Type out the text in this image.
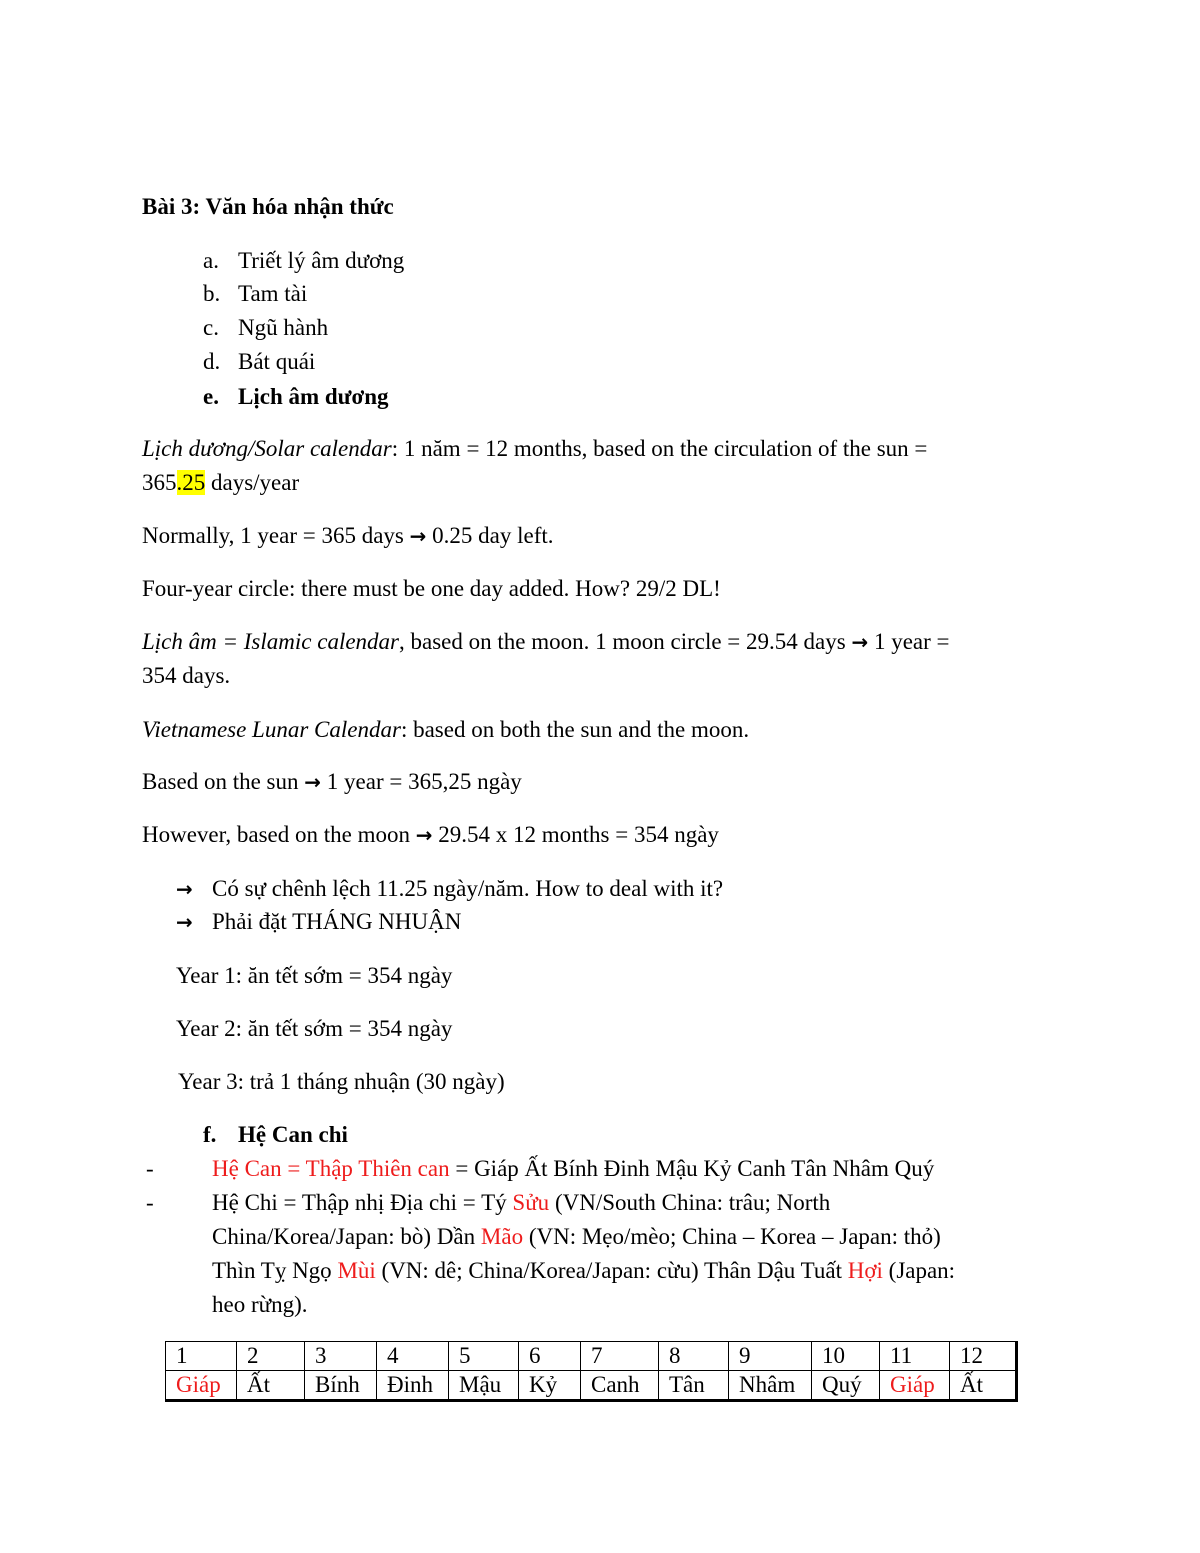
Bài 3: Văn hóa nhận thức
a. Triết lý âm dương
b. Tam tài
c. Ngũ hành
d. Bát quái
e. Lịch âm dương
Lịch dương/Solar calendar: 1 năm = 12 months, based on the circulation of the sun =
365.25 days/year
Normally, 1 year = 365 days → 0.25 day left.
Four-year circle: there must be one day added. How? 29/2 DL!
Lịch âm = Islamic calendar, based on the moon. 1 moon circle = 29.54 days → 1 year =
354 days.
Vietnamese Lunar Calendar: based on both the sun and the moon.
Based on the sun → 1 year = 365,25 ngày
However, based on the moon → 29.54 x 12 months = 354 ngày
→ Có sự chênh lệch 11.25 ngày/năm. How to deal with it?
→ Phải đặt THÁNG NHUẬN
Year 1: ăn tết sớm = 354 ngày
Year 2: ăn tết sớm = 354 ngày
Year 3: trả 1 tháng nhuận (30 ngày)
f. Hệ Can chi
-	Hệ Can = Thập Thiên can = Giáp Ất Bính Đinh Mậu Kỷ Canh Tân Nhâm Quý
-	Hệ Chi = Thập nhị Địa chi = Tý Sửu (VN/South China: trâu; North
China/Korea/Japan: bò) Dần Mão (VN: Mẹo/mèo; China – Korea – Japan: thỏ)
Thìn Tỵ Ngọ Mùi (VN: dê; China/Korea/Japan: cừu) Thân Dậu Tuất Hợi (Japan:
heo rừng).
1	2	3	4	5	6	7	8	9	10	11	12
Giáp	Ất	Bính	Đinh	Mậu	Kỷ	Canh	Tân	Nhâm	Quý	Giáp	Ất
